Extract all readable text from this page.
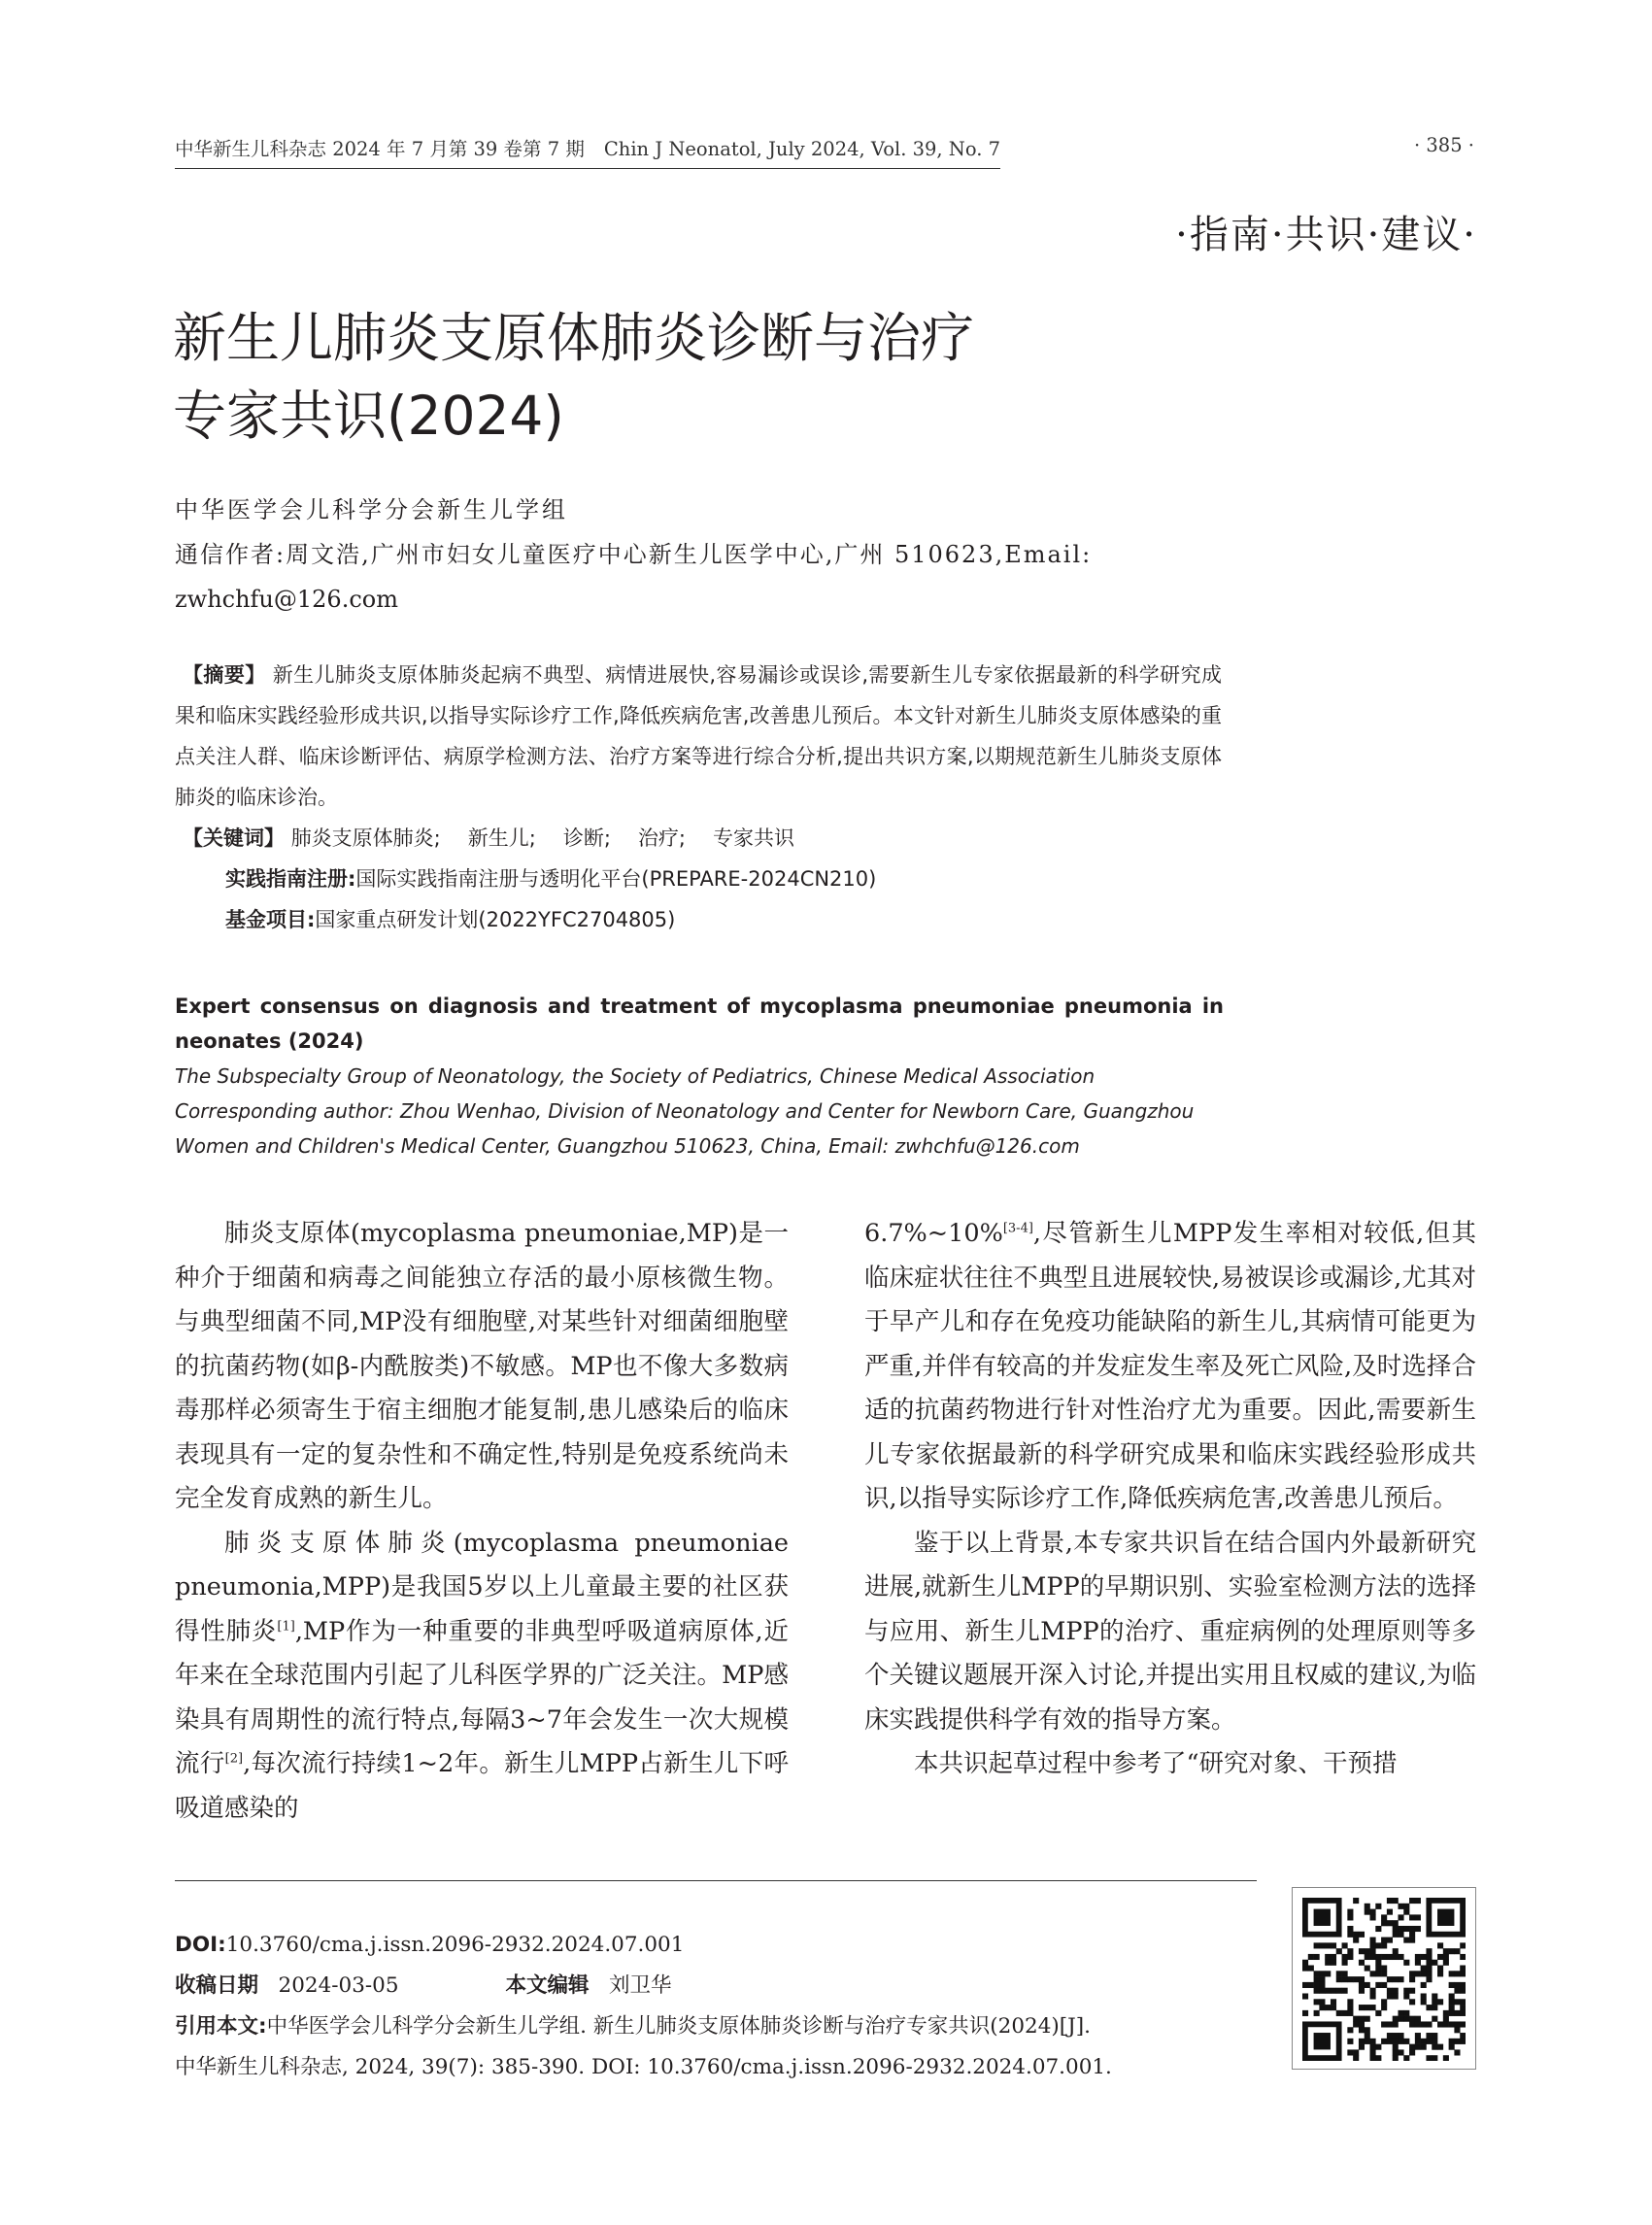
中华新生儿科杂志 2024 年 7 月第 39 卷第 7 期 Chin J Neonatol, July 2024, Vol. 39, No. 7	· 385 ·
·指南·共识·建议·
新生儿肺炎支原体肺炎诊断与治疗
专家共识(2024)
中华医学会儿科学分会新生儿学组
通信作者:周文浩,广州市妇女儿童医疗中心新生儿医学中心,广州 510623,Email:
zwhchfu@126.com

【摘要】 新生儿肺炎支原体肺炎起病不典型、病情进展快,容易漏诊或误诊,需要新生儿专家依据最新的科学研究成果和临床实践经验形成共识,以指导实际诊疗工作,降低疾病危害,改善患儿预后。本文针对新生儿肺炎支原体感染的重点关注人群、临床诊断评估、病原学检测方法、治疗方案等进行综合分析,提出共识方案,以期规范新生儿肺炎支原体肺炎的临床诊治。

【关键词】 肺炎支原体肺炎; 新生儿; 诊断; 治疗; 专家共识
实践指南注册:国际实践指南注册与透明化平台(PREPARE-2024CN210)
基金项目:国家重点研发计划(2022YFC2704805)
Expert consensus on diagnosis and treatment of mycoplasma pneumoniae pneumonia in neonates (2024)
The Subspecialty Group of Neonatology, the Society of Pediatrics, Chinese Medical Association
Corresponding author: Zhou Wenhao, Division of Neonatology and Center for Newborn Care, Guangzhou
Women and Children's Medical Center, Guangzhou 510623, China, Email: zwhchfu@126.com

肺炎支原体(mycoplasma pneumoniae,MP)是一种介于细菌和病毒之间能独立存活的最小原核微生物。与典型细菌不同,MP没有细胞壁,对某些针对细菌细胞壁的抗菌药物(如β-内酰胺类)不敏感。MP也不像大多数病毒那样必须寄生于宿主细胞才能复制,患儿感染后的临床表现具有一定的复杂性和不确定性,特别是免疫系统尚未完全发育成熟的新生儿。

肺炎支原体肺炎(mycoplasma pneumoniae pneumonia,MPP)是我国5岁以上儿童最主要的社区获得性肺炎[1],MP作为一种重要的非典型呼吸道病原体,近年来在全球范围内引起了儿科医学界的广泛关注。MP感染具有周期性的流行特点,每隔3~7年会发生一次大规模流行[2],每次流行持续1~2年。新生儿MPP占新生儿下呼吸道感染的

6.7%~10%[3-4],尽管新生儿MPP发生率相对较低,但其临床症状往往不典型且进展较快,易被误诊或漏诊,尤其对于早产儿和存在免疫功能缺陷的新生儿,其病情可能更为严重,并伴有较高的并发症发生率及死亡风险,及时选择合适的抗菌药物进行针对性治疗尤为重要。因此,需要新生儿专家依据最新的科学研究成果和临床实践经验形成共识,以指导实际诊疗工作,降低疾病危害,改善患儿预后。

鉴于以上背景,本专家共识旨在结合国内外最新研究进展,就新生儿MPP的早期识别、实验室检测方法的选择与应用、新生儿MPP的治疗、重症病例的处理原则等多个关键议题展开深入讨论,并提出实用且权威的建议,为临床实践提供科学有效的指导方案。

本共识起草过程中参考了“研究对象、干预措

DOI:10.3760/cma.j.issn.2096-2932.2024.07.001
收稿日期 2024-03-05	本文编辑 刘卫华
引用本文:中华医学会儿科学分会新生儿学组. 新生儿肺炎支原体肺炎诊断与治疗专家共识(2024)[J].
中华新生儿科杂志, 2024, 39(7): 385-390. DOI: 10.3760/cma.j.issn.2096-2932.2024.07.001.
